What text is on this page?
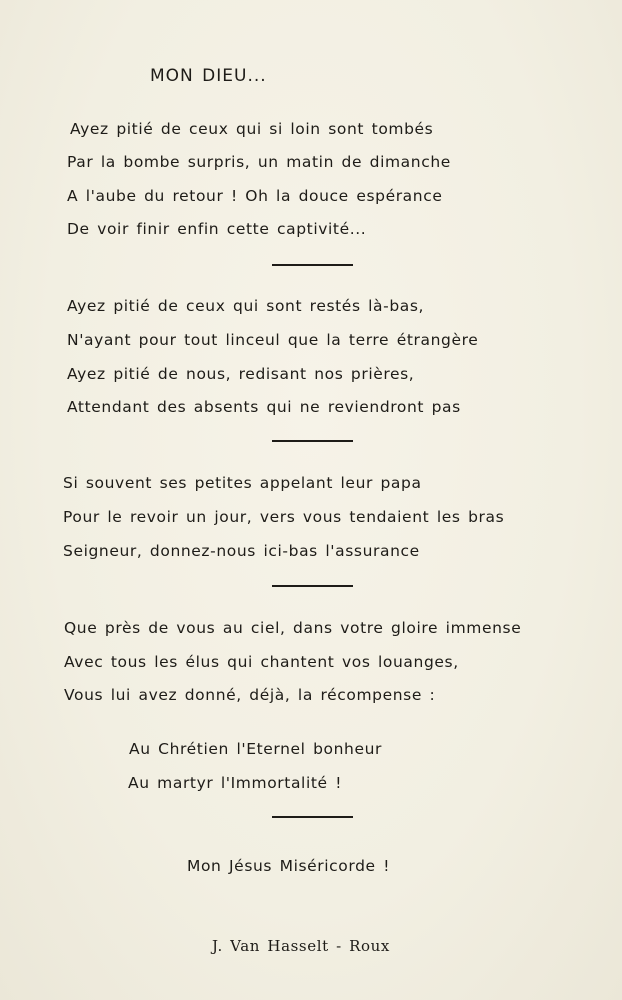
MON DIEU...
Ayez pitié de ceux qui si loin sont tombés
Par la bombe surpris, un matin de dimanche
A l'aube du retour ! Oh la douce espérance
De voir finir enfin cette captivité...
Ayez pitié de ceux qui sont restés là-bas,
N'ayant pour tout linceul que la terre étrangère
Ayez pitié de nous, redisant nos prières,
Attendant des absents qui ne reviendront pas
Si souvent ses petites appelant leur papa
Pour le revoir un jour, vers vous tendaient les bras
Seigneur, donnez-nous ici-bas l'assurance
Que près de vous au ciel, dans votre gloire immense
Avec tous les élus qui chantent vos louanges,
Vous lui avez donné, déjà, la récompense :
Au Chrétien l'Eternel bonheur
Au martyr l'Immortalité !
Mon Jésus Miséricorde !
J. Van Hasselt - Roux
